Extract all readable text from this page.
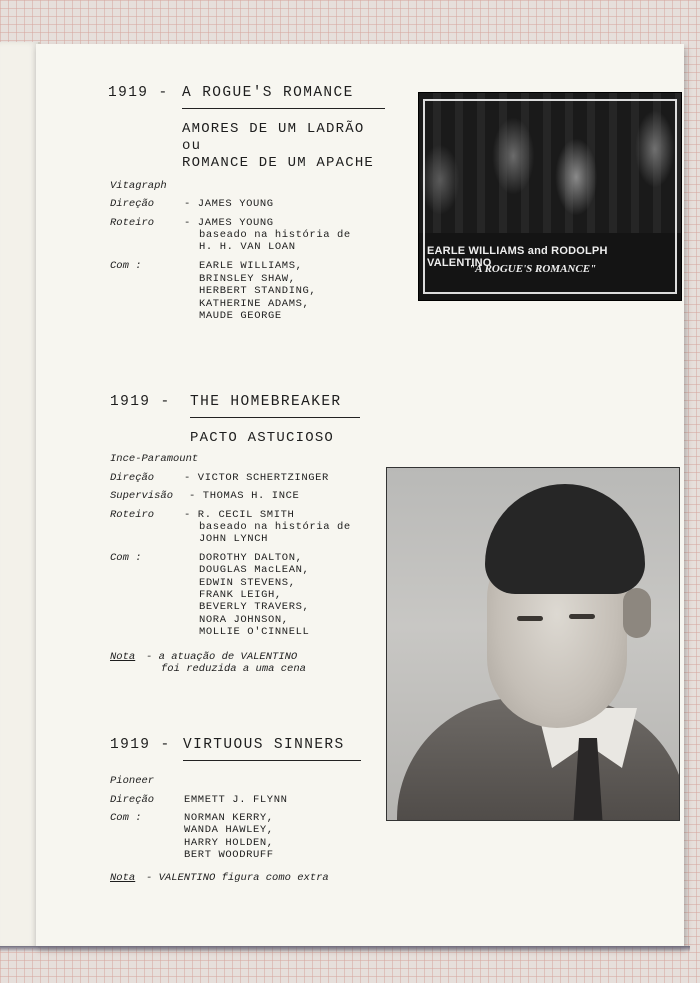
1919 - A ROGUE'S ROMANCE
AMORES DE UM LADRÃO
ou
ROMANCE DE UM APACHE
Vitagraph
Direção	- JAMES YOUNG
Roteiro	- JAMES YOUNG
baseado na história de
H. H. VAN LOAN
Com :	EARLE WILLIAMS,
BRINSLEY SHAW,
HERBERT STANDING,
KATHERINE ADAMS,
MAUDE GEORGE
EARLE WILLIAMS and RODOLPH VALENTINO
"A ROGUE'S ROMANCE"
1919 - THE HOMEBREAKER
PACTO ASTUCIOSO
Ince-Paramount
Direção	- VICTOR SCHERTZINGER
Supervisão - THOMAS H. INCE
Roteiro	- R. CECIL SMITH
baseado na história de
JOHN LYNCH
Com :	DOROTHY DALTON,
DOUGLAS MacLEAN,
EDWIN STEVENS,
FRANK LEIGH,
BEVERLY TRAVERS,
NORA JOHNSON,
MOLLIE O'CINNELL
Nota - a atuação de VALENTINO
foi reduzida a uma cena
1919 - VIRTUOUS SINNERS
Pioneer
Direção	EMMETT J. FLYNN
Com :	NORMAN KERRY,
WANDA HAWLEY,
HARRY HOLDEN,
BERT WOODRUFF
Nota - VALENTINO figura como extra
